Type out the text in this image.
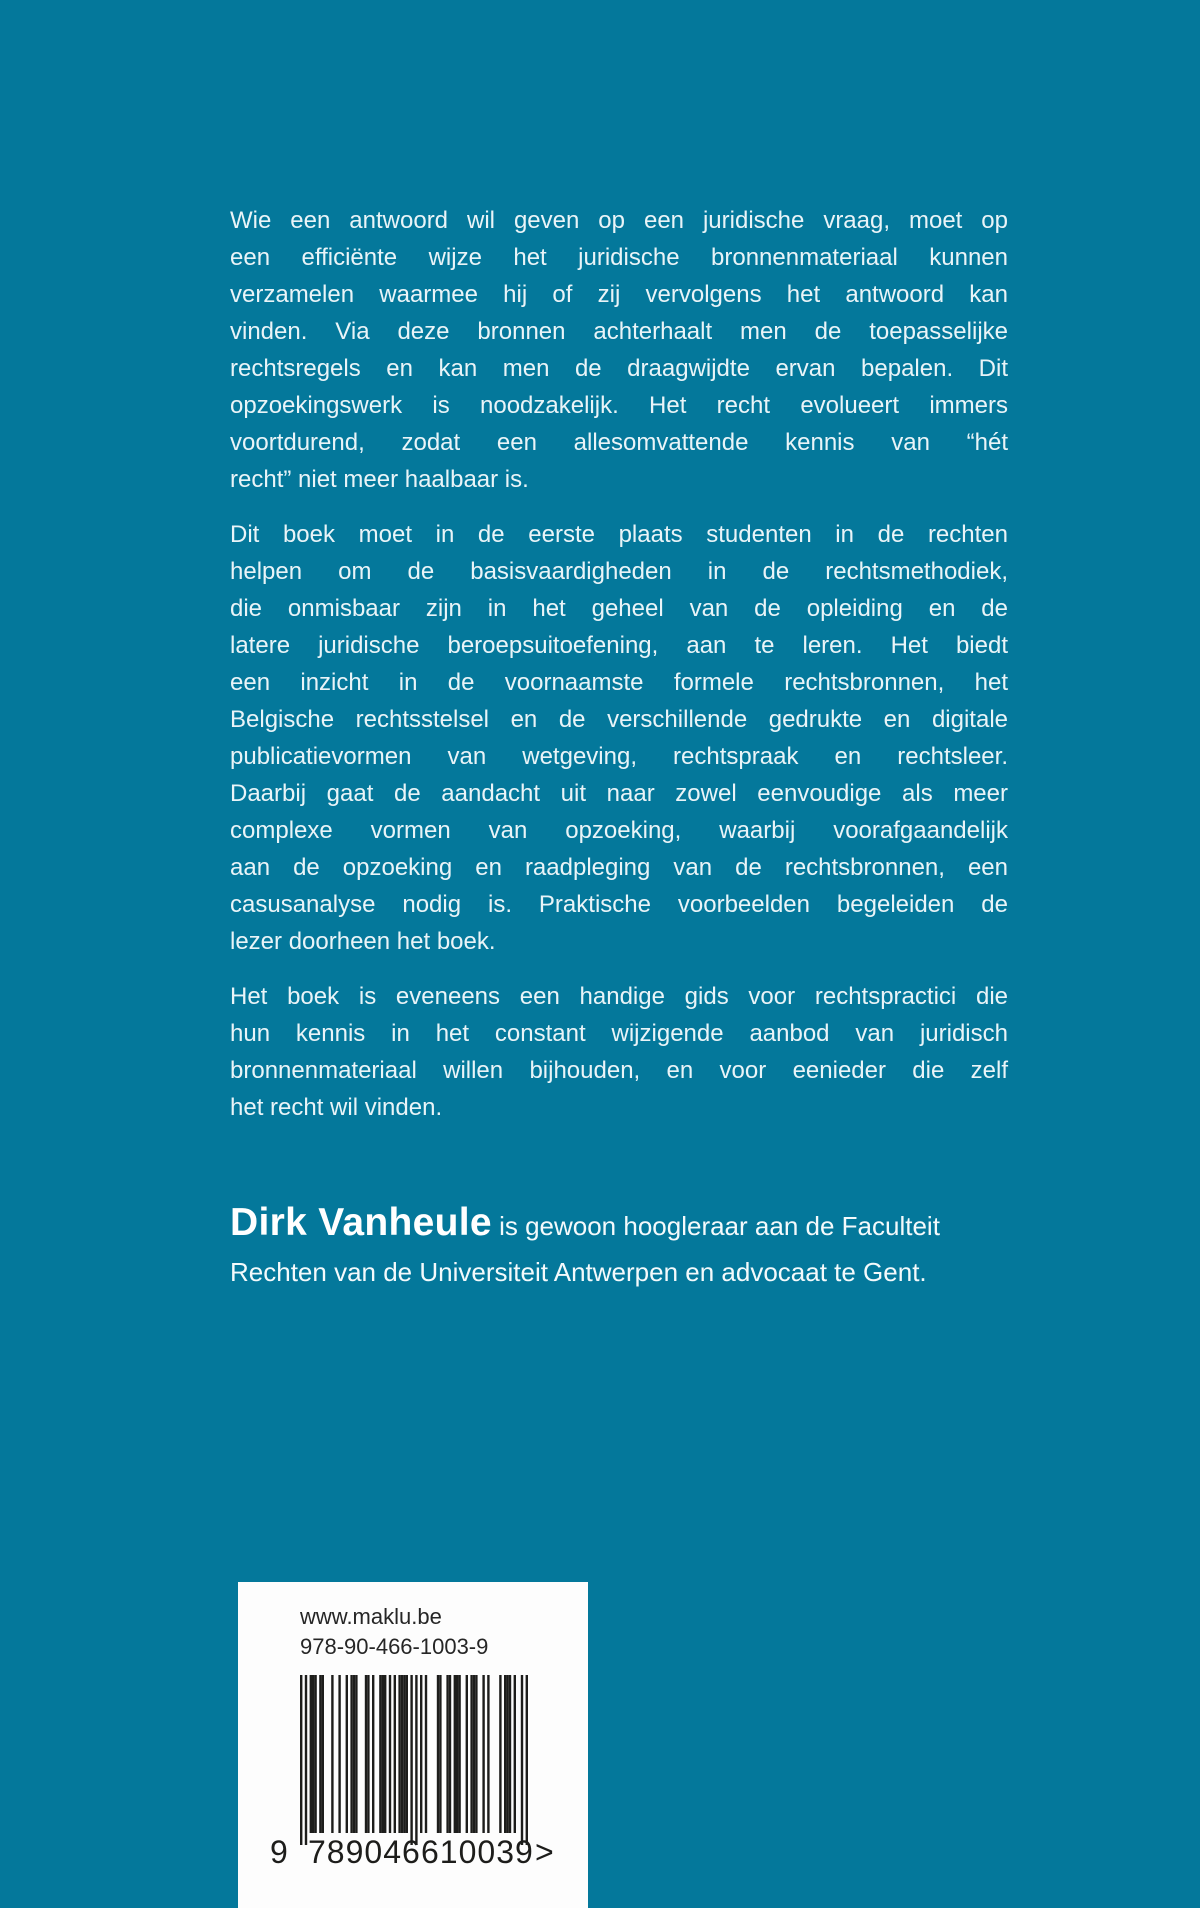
Wie een antwoord wil geven op een juridische vraag, moet op
een efficiënte wijze het juridische bronnenmateriaal kunnen
verzamelen waarmee hij of zij vervolgens het antwoord kan
vinden. Via deze bronnen achterhaalt men de toepasselijke
rechtsregels en kan men de draagwijdte ervan bepalen. Dit
opzoekingswerk is noodzakelijk. Het recht evolueert immers
voortdurend, zodat een allesomvattende kennis van “hét
recht” niet meer haalbaar is.
Dit boek moet in de eerste plaats studenten in de rechten
helpen om de basisvaardigheden in de rechtsmethodiek,
die onmisbaar zijn in het geheel van de opleiding en de
latere juridische beroepsuitoefening, aan te leren. Het biedt
een inzicht in de voornaamste formele rechtsbronnen, het
Belgische rechtsstelsel en de verschillende gedrukte en digitale
publicatievormen van wetgeving, rechtspraak en rechtsleer.
Daarbij gaat de aandacht uit naar zowel eenvoudige als meer
complexe vormen van opzoeking, waarbij voorafgaandelijk
aan de opzoeking en raadpleging van de rechtsbronnen, een
casusanalyse nodig is. Praktische voorbeelden begeleiden de
lezer doorheen het boek.
Het boek is eveneens een handige gids voor rechtspractici die
hun kennis in het constant wijzigende aanbod van juridisch
bronnenmateriaal willen bijhouden, en voor eenieder die zelf
het recht wil vinden.

Dirk Vanheule is gewoon hoogleraar aan de Faculteit Rechten van de Universiteit Antwerpen en advocaat te Gent.

www.maklu.be
978-90-466-1003-9
9 789046 610039 >
